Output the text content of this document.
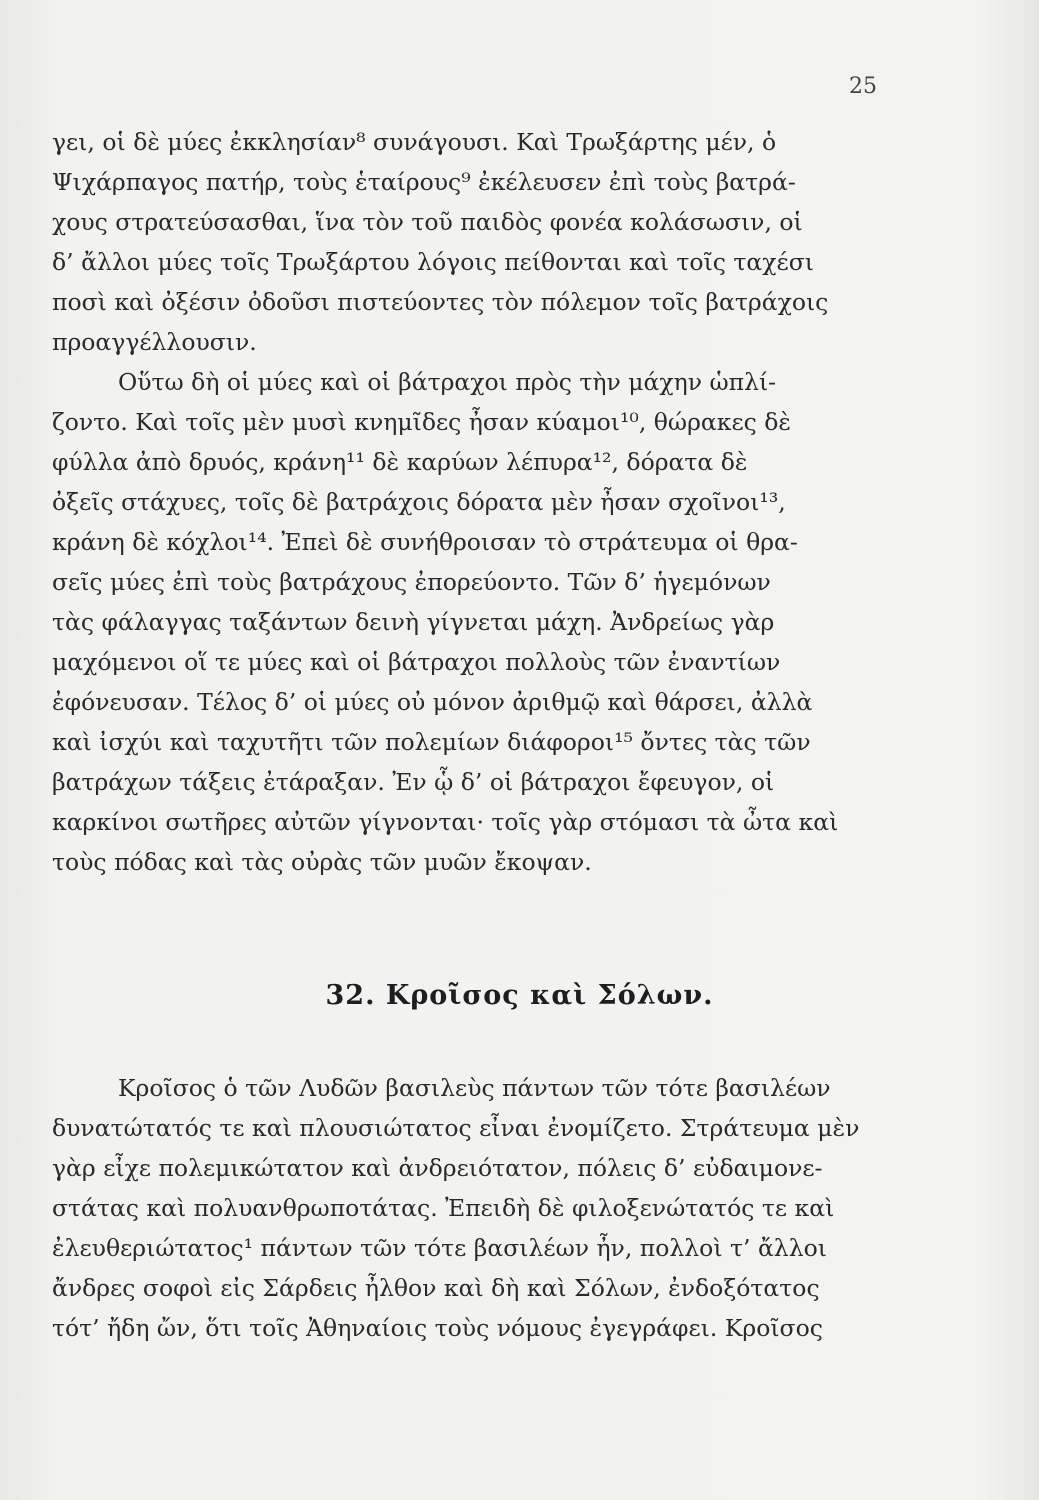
25
γει, οἱ δὲ μύες ἐκκλησίαν⁸ συνάγουσι. Καὶ Τρωξάρτης μέν, ὁ
Ψιχάρπαγος πατήρ, τοὺς ἑταίρους⁹ ἐκέλευσεν ἐπὶ τοὺς βατρά-
χους στρατεύσασθαι, ἵνα τὸν τοῦ παιδὸς φονέα κολάσωσιν, οἱ
δ’ ἄλλοι μύες τοῖς Τρωξάρτου λόγοις πείθονται καὶ τοῖς ταχέσι
ποσὶ καὶ ὀξέσιν ὀδοῦσι πιστεύοντες τὸν πόλεμον τοῖς βατράχοις
προαγγέλλουσιν.
Οὕτω δὴ οἱ μύες καὶ οἱ βάτραχοι πρὸς τὴν μάχην ὡπλί-
ζοντο. Καὶ τοῖς μὲν μυσὶ κνημῖδες ἦσαν κύαμοι¹⁰, θώρακες δὲ
φύλλα ἀπὸ δρυός, κράνη¹¹ δὲ καρύων λέπυρα¹², δόρατα δὲ
ὀξεῖς στάχυες, τοῖς δὲ βατράχοις δόρατα μὲν ἦσαν σχοῖνοι¹³,
κράνη δὲ κόχλοι¹⁴. Ἐπεὶ δὲ συνήθροισαν τὸ στράτευμα οἱ θρα-
σεῖς μύες ἐπὶ τοὺς βατράχους ἐπορεύοντο. Τῶν δ’ ἡγεμόνων
τὰς φάλαγγας ταξάντων δεινὴ γίγνεται μάχη. Ἀνδρείως γὰρ
μαχόμενοι οἵ τε μύες καὶ οἱ βάτραχοι πολλοὺς τῶν ἐναντίων
ἐφόνευσαν. Τέλος δ’ οἱ μύες οὐ μόνον ἀριθμῷ καὶ θάρσει, ἀλλὰ
καὶ ἰσχύι καὶ ταχυτῆτι τῶν πολεμίων διάφοροι¹⁵ ὄντες τὰς τῶν
βατράχων τάξεις ἐτάραξαν. Ἐν ᾧ δ’ οἱ βάτραχοι ἔφευγον, οἱ
καρκίνοι σωτῆρες αὐτῶν γίγνονται· τοῖς γὰρ στόμασι τὰ ὦτα καὶ
τοὺς πόδας καὶ τὰς οὐρὰς τῶν μυῶν ἔκοψαν.
32. Κροῖσος καὶ Σόλων.
Κροῖσος ὁ τῶν Λυδῶν βασιλεὺς πάντων τῶν τότε βασιλέων
δυνατώτατός τε καὶ πλουσιώτατος εἶναι ἐνομίζετο. Στράτευμα μὲν
γὰρ εἶχε πολεμικώτατον καὶ ἀνδρειότατον, πόλεις δ’ εὐδαιμονε-
στάτας καὶ πολυανθρωποτάτας. Ἐπειδὴ δὲ φιλοξενώτατός τε καὶ
ἐλευθεριώτατος¹ πάντων τῶν τότε βασιλέων ἦν, πολλοὶ τ’ ἄλλοι
ἄνδρες σοφοὶ εἰς Σάρδεις ἦλθον καὶ δὴ καὶ Σόλων, ἐνδοξότατος
τότ’ ἤδη ὤν, ὅτι τοῖς Ἀθηναίοις τοὺς νόμους ἐγεγράφει. Κροῖσος
